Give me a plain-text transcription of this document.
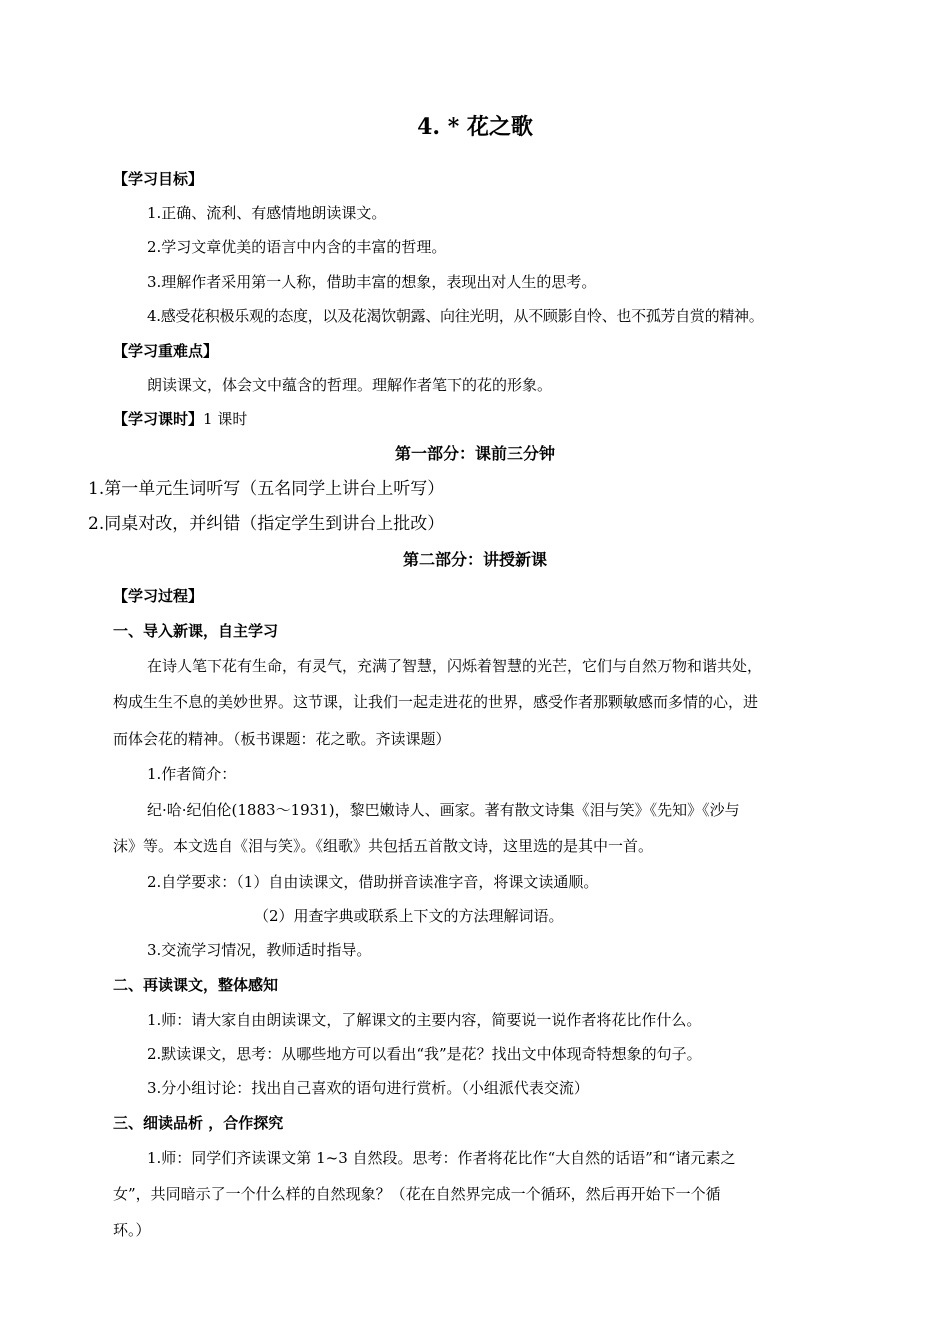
4. * 花之歌
【学习目标】
1.正确、流利、有感情地朗读课文。
2.学习文章优美的语言中内含的丰富的哲理。
3.理解作者采用第一人称，借助丰富的想象，表现出对人生的思考。
4.感受花积极乐观的态度，以及花渴饮朝露、向往光明，从不顾影自怜、也不孤芳自赏的精神。
【学习重难点】
朗读课文，体会文中蕴含的哲理。理解作者笔下的花的形象。
【学习课时】1 课时
第一部分：课前三分钟
1.第一单元生词听写（五名同学上讲台上听写）
2.同桌对改，并纠错（指定学生到讲台上批改）
第二部分：讲授新课
【学习过程】
一、导入新课，自主学习
在诗人笔下花有生命，有灵气，充满了智慧，闪烁着智慧的光芒，它们与自然万物和谐共处，
构成生生不息的美妙世界。这节课，让我们一起走进花的世界，感受作者那颗敏感而多情的心，进
而体会花的精神。（板书课题：花之歌。齐读课题）
1.作者简介：
纪·哈·纪伯伦(1883～1931)，黎巴嫩诗人、画家。著有散文诗集《泪与笑》《先知》《沙与
沫》等。本文选自《泪与笑》。《组歌》共包括五首散文诗，这里选的是其中一首。
2.自学要求：（1）自由读课文，借助拼音读准字音，将课文读通顺。
（2）用查字典或联系上下文的方法理解词语。
3.交流学习情况，教师适时指导。
二、再读课文，整体感知
1.师：请大家自由朗读课文，了解课文的主要内容，简要说一说作者将花比作什么。
2.默读课文，思考：从哪些地方可以看出“我”是花？找出文中体现奇特想象的句子。
3.分小组讨论：找出自己喜欢的语句进行赏析。（小组派代表交流）
三、细读品析 ，合作探究
1.师：同学们齐读课文第 1~3 自然段。思考：作者将花比作“大自然的话语”和“诸元素之
女”，共同暗示了一个什么样的自然现象？（花在自然界完成一个循环，然后再开始下一个循
环。）
